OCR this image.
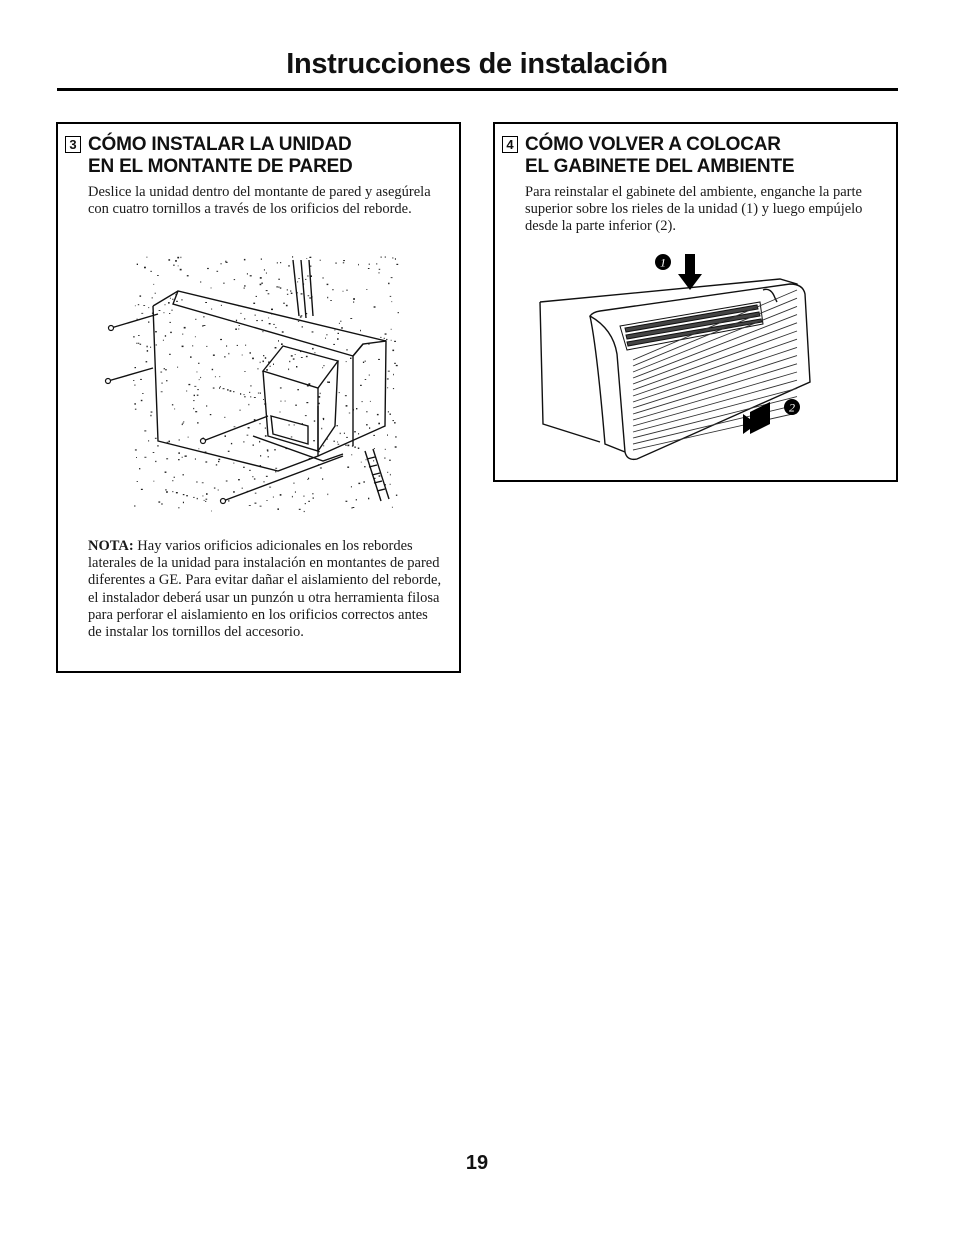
Instrucciones de instalación
3 CÓMO INSTALAR LA UNIDAD
EN EL MONTANTE DE PARED
Deslice la unidad dentro del montante de pared y asegúrela con cuatro tornillos a través de los orificios del reborde.
NOTA: Hay varios orificios adicionales en los rebordes laterales de la unidad para instalación en montantes de pared diferentes a GE. Para evitar dañar el aislamiento del reborde, el instalador deberá usar un punzón u otra herramienta filosa para perforar el aislamiento en los orificios correctos antes de instalar los tornillos del accesorio.
4 CÓMO VOLVER A COLOCAR
EL GABINETE DEL AMBIENTE
Para reinstalar el gabinete del ambiente, enganche la parte superior sobre los rieles de la unidad (1) y luego empújelo desde la parte inferior (2).
1
2
19
